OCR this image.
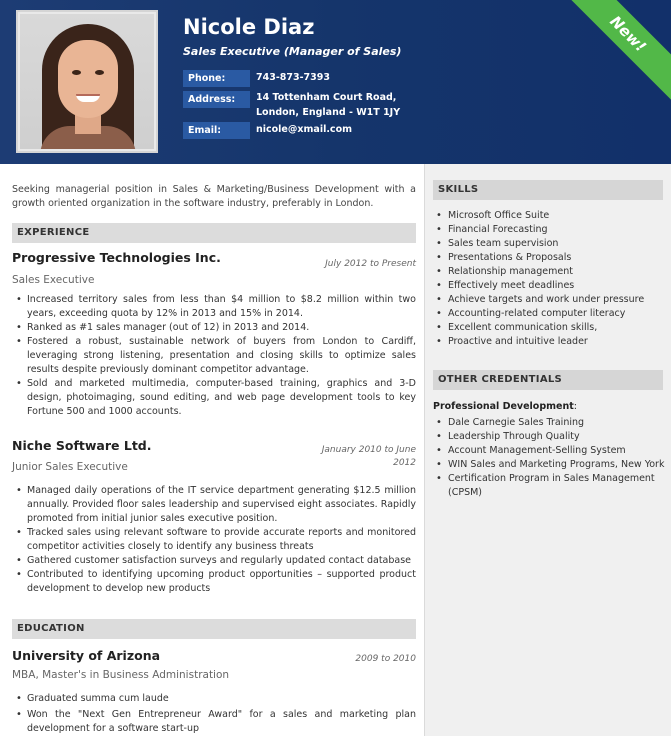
Nicole Diaz
Sales Executive (Manager of Sales)
Phone:	743-873-7393
Address:	14 Tottenham Court Road,
London, England - W1T 1JY
Email:	nicole@xmail.com
New!
Seeking managerial position in Sales & Marketing/Business Development with a growth oriented organization in the software industry, preferably in London.
EXPERIENCE
Progressive Technologies Inc.	July 2012 to Present
Sales Executive
• Increased territory sales from less than $4 million to $8.2 million within two years, exceeding quota by 12% in 2013 and 15% in 2014.
• Ranked as #1 sales manager (out of 12) in 2013 and 2014.
• Fostered a robust, sustainable network of buyers from London to Cardiff, leveraging strong listening, presentation and closing skills to optimize sales results despite previously dominant competitor advantage.
• Sold and marketed multimedia, computer-based training, graphics and 3-D design, photoimaging, sound editing, and web page development tools to key Fortune 500 and 1000 accounts.
Niche Software Ltd.	January 2010 to June 2012
Junior Sales Executive
• Managed daily operations of the IT service department generating $12.5 million annually. Provided floor sales leadership and supervised eight associates. Rapidly promoted from initial junior sales executive position.
• Tracked sales using relevant software to provide accurate reports and monitored competitor activities closely to identify any business threats
• Gathered customer satisfaction surveys and regularly updated contact database
• Contributed to identifying upcoming product opportunities – supported product development to develop new products
EDUCATION
University of Arizona	2009 to 2010
MBA, Master's in Business Administration
• Graduated summa cum laude
• Won the "Next Gen Entrepreneur Award" for a sales and marketing plan development for a software start-up
SKILLS
• Microsoft Office Suite
• Financial Forecasting
• Sales team supervision
• Presentations & Proposals
• Relationship management
• Effectively meet deadlines
• Achieve targets and work under pressure
• Accounting-related computer literacy
• Excellent communication skills,
• Proactive and intuitive leader
OTHER CREDENTIALS
Professional Development:
• Dale Carnegie Sales Training
• Leadership Through Quality
• Account Management-Selling System
• WIN Sales and Marketing Programs, New York
• Certification Program in Sales Management (CPSM)
